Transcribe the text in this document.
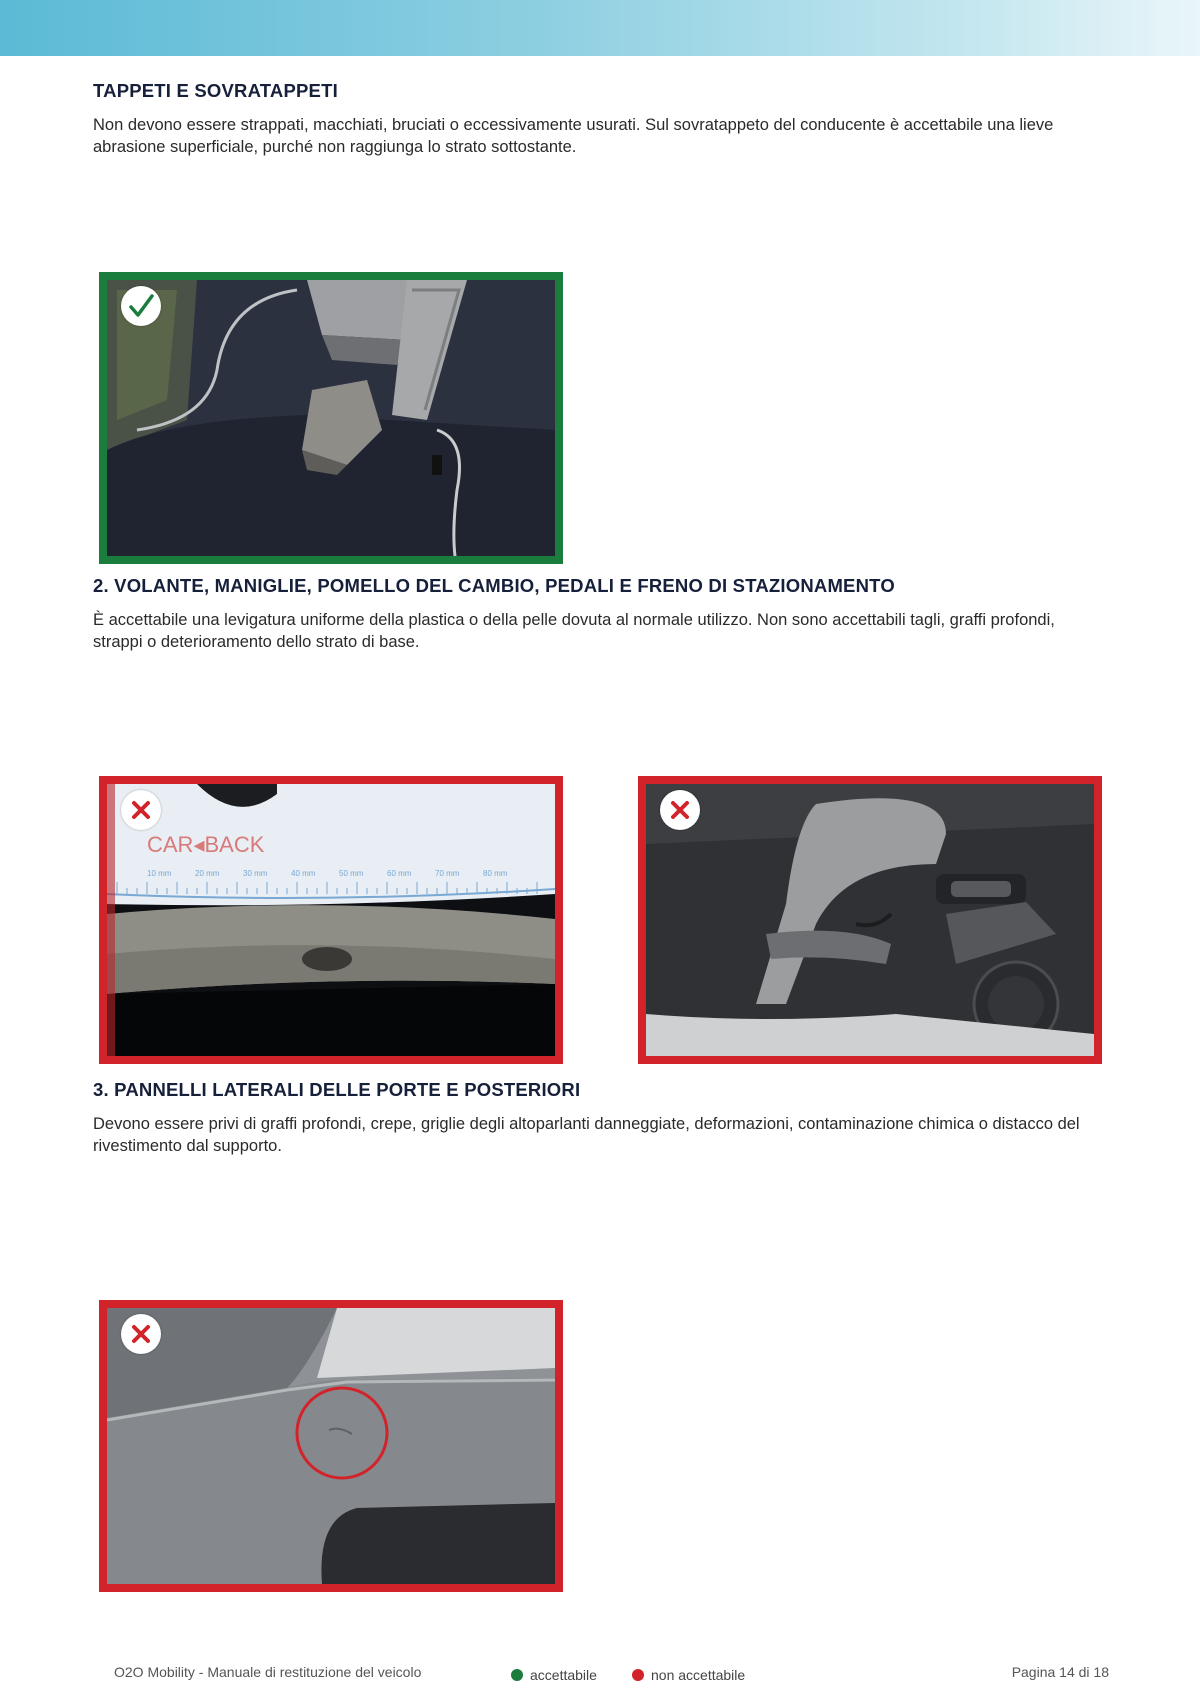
TAPPETI E SOVRATAPPETI

Non devono essere strappati, macchiati, bruciati o eccessivamente usurati. Sul sovratappeto del conducente è accettabile una lieve abrasione superficiale, purché non raggiunga lo strato sottostante.

2. VOLANTE, MANIGLIE, POMELLO DEL CAMBIO, PEDALI E FRENO DI STAZIONAMENTO

È accettabile una levigatura uniforme della plastica o della pelle dovuta al normale utilizzo. Non sono accettabili tagli, graffi profondi, strappi o deterioramento dello strato di base.

10 mm	20 mm	30 mm	40 mm	50 mm	60 mm	70 mm	80 mm
CAR◂BACK
3. PANNELLI LATERALI DELLE PORTE E POSTERIORI

Devono essere privi di graffi profondi, crepe, griglie degli altoparlanti danneggiate, deformazioni, contaminazione chimica o distacco del rivestimento dal supporto.

O2O Mobility - Manuale di restituzione del veicolo	accettabile	non accettabile	Pagina 14 di 18
